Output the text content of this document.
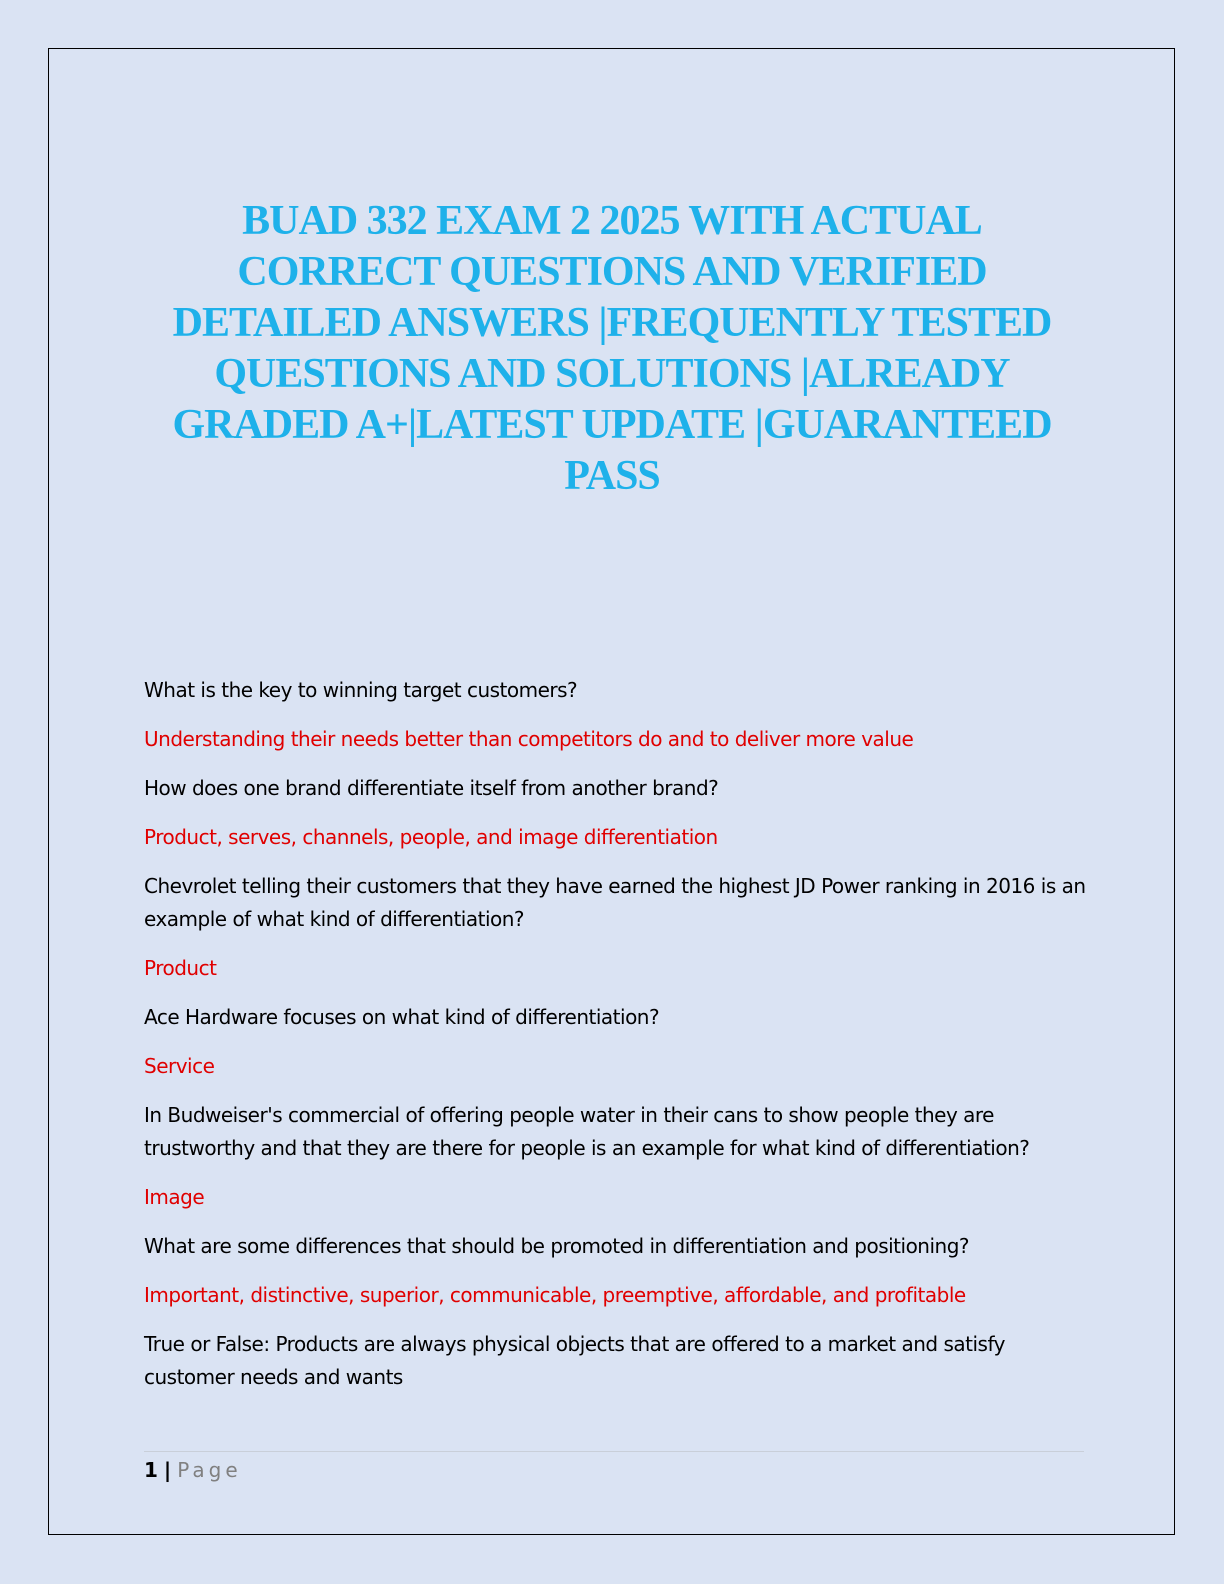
BUAD 332 EXAM 2 2025 WITH ACTUAL CORRECT QUESTIONS AND VERIFIED DETAILED ANSWERS |FREQUENTLY TESTED QUESTIONS AND SOLUTIONS |ALREADY GRADED A+|LATEST UPDATE |GUARANTEED PASS

What is the key to winning target customers?

Understanding their needs better than competitors do and to deliver more value

How does one brand differentiate itself from another brand?

Product, serves, channels, people, and image differentiation

Chevrolet telling their customers that they have earned the highest JD Power ranking in 2016 is an example of what kind of differentiation?

Product

Ace Hardware focuses on what kind of differentiation?

Service

In Budweiser's commercial of offering people water in their cans to show people they are trustworthy and that they are there for people is an example for what kind of differentiation?

Image

What are some differences that should be promoted in differentiation and positioning?

Important, distinctive, superior, communicable, preemptive, affordable, and profitable

True or False: Products are always physical objects that are offered to a market and satisfy customer needs and wants

1 | Page
